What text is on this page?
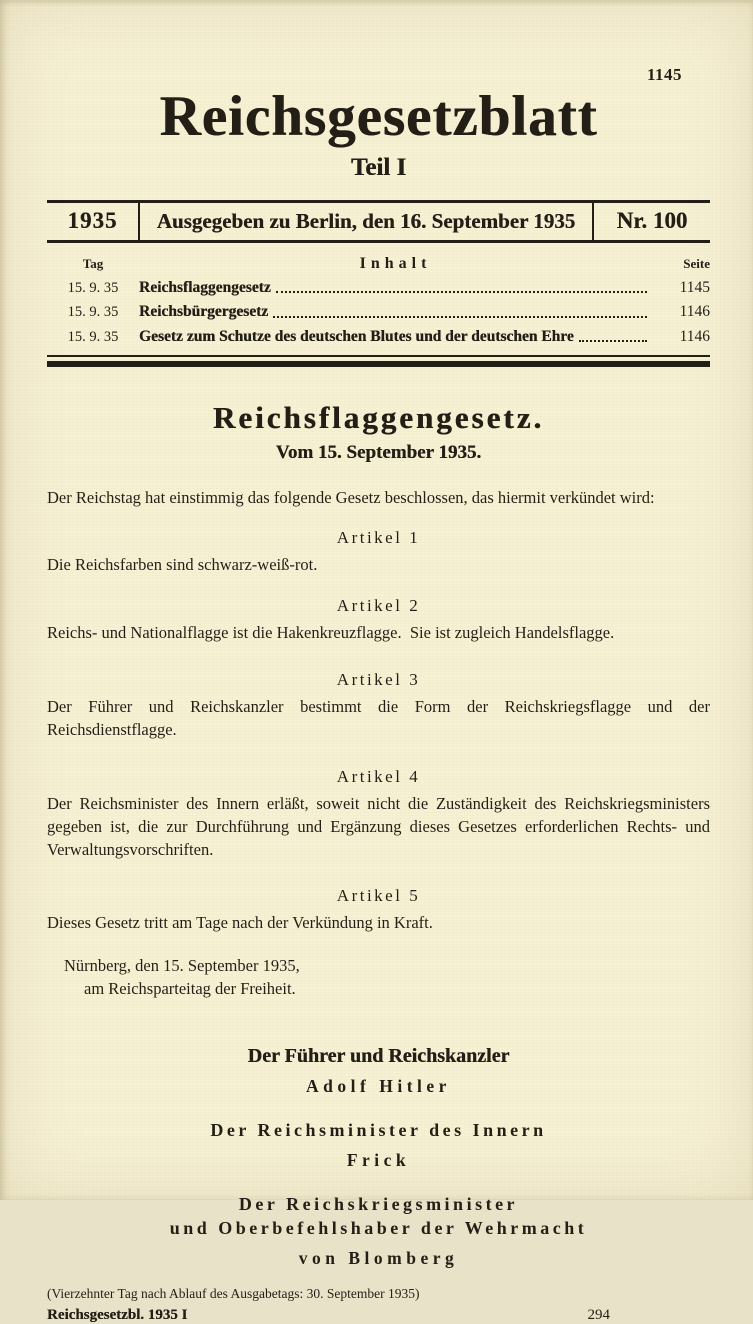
1145
Reichsgesetzblatt
Teil I
1935	Ausgegeben zu Berlin, den 16. September 1935	Nr. 100
Tag	Inhalt	Seite
15. 9. 35	Reichsflaggengesetz	1145
15. 9. 35	Reichsbürgergesetz	1146
15. 9. 35	Gesetz zum Schutze des deutschen Blutes und der deutschen Ehre	1146
Reichsflaggengesetz.
Vom 15. September 1935.
Der Reichstag hat einstimmig das folgende Gesetz beschlossen, das hiermit verkündet wird:
Artikel 1
Die Reichsfarben sind schwarz-weiß-rot.
Artikel 2
Reichs- und Nationalflagge ist die Hakenkreuzflagge. Sie ist zugleich Handelsflagge.
Artikel 3
Der Führer und Reichskanzler bestimmt die Form der Reichskriegsflagge und der Reichsdienstflagge.
Artikel 4
Der Reichsminister des Innern erläßt, soweit nicht die Zuständigkeit des Reichskriegsministers gegeben ist, die zur Durchführung und Ergänzung dieses Gesetzes erforderlichen Rechts- und Verwaltungsvorschriften.
Artikel 5
Dieses Gesetz tritt am Tage nach der Verkündung in Kraft.
Nürnberg, den 15. September 1935,
am Reichsparteitag der Freiheit.
Der Führer und Reichskanzler
Adolf Hitler
Der Reichsminister des Innern
Frick
Der Reichskriegsminister
und Oberbefehlshaber der Wehrmacht
von Blomberg
(Vierzehnter Tag nach Ablauf des Ausgabetags: 30. September 1935)
Reichsgesetzbl. 1935 I	294
